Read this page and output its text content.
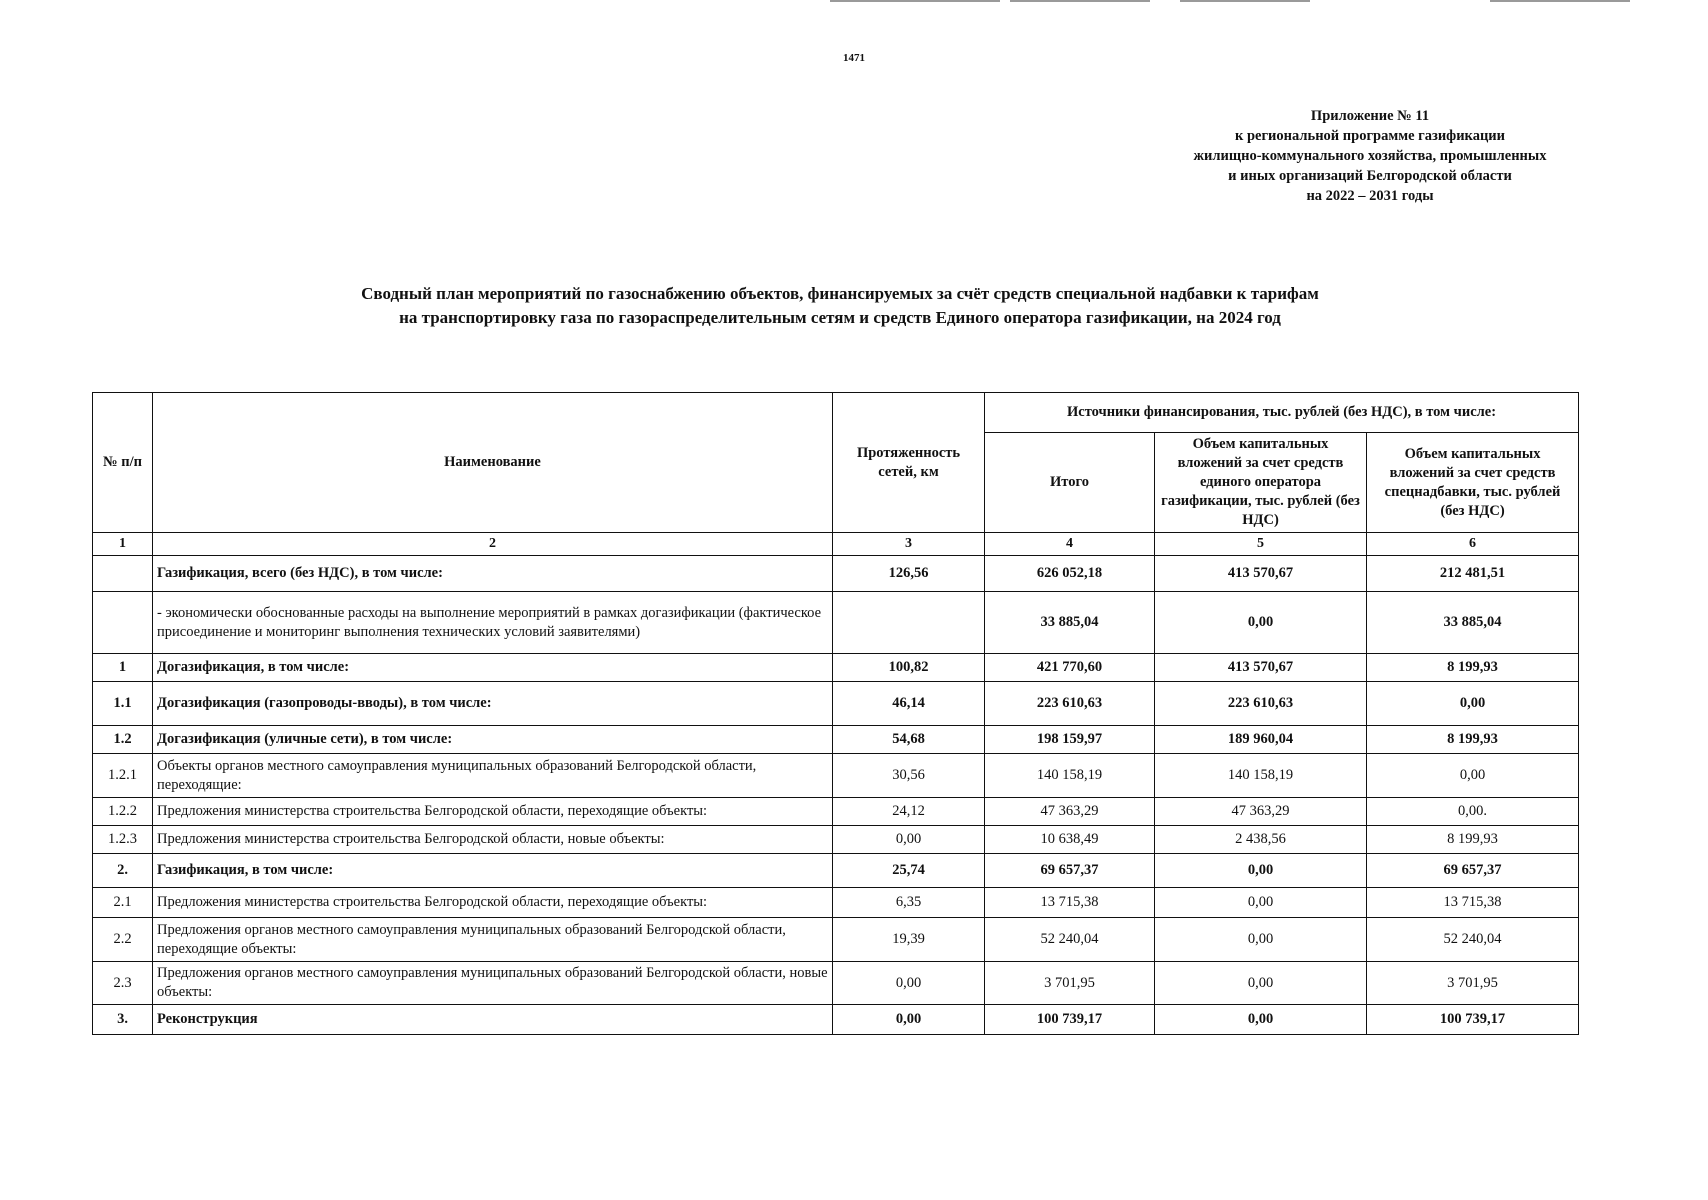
1471
Приложение № 11
к региональной программе газификации
жилищно-коммунального хозяйства, промышленных
и иных организаций Белгородской области
на 2022 – 2031 годы
Сводный план мероприятий по газоснабжению объектов, финансируемых за счёт средств специальной надбавки к тарифам
на транспортировку газа по газораспределительным сетям и средств Единого оператора газификации, на 2024 год
№ п/п	Наименование	Протяженность сетей, км	Источники финансирования, тыс. рублей (без НДС), в том числе:		
			Итого	Объем капитальных вложений за счет средств единого оператора газификации, тыс. рублей (без НДС)	Объем капитальных вложений за счет средств спецнадбавки, тыс. рублей (без НДС)
1	2	3	4	5	6
	Газификация, всего (без НДС), в том числе:	126,56	626 052,18	413 570,67	212 481,51
	- экономически обоснованные расходы на выполнение мероприятий в рамках догазификации (фактическое присоединение и мониторинг выполнения технических условий заявителями)		33 885,04	0,00	33 885,04
1	Догазификация, в том числе:	100,82	421 770,60	413 570,67	8 199,93
1.1	Догазификация (газопроводы-вводы), в том числе:	46,14	223 610,63	223 610,63	0,00
1.2	Догазификация (уличные сети), в том числе:	54,68	198 159,97	189 960,04	8 199,93
1.2.1	Объекты органов местного самоуправления муниципальных образований Белгородской области, переходящие:	30,56	140 158,19	140 158,19	0,00
1.2.2	Предложения министерства строительства Белгородской области, переходящие объекты:	24,12	47 363,29	47 363,29	0,00.
1.2.3	Предложения министерства строительства Белгородской области, новые объекты:	0,00	10 638,49	2 438,56	8 199,93
2.	Газификация, в том числе:	25,74	69 657,37	0,00	69 657,37
2.1	Предложения министерства строительства Белгородской области, переходящие объекты:	6,35	13 715,38	0,00	13 715,38
2.2	Предложения органов местного самоуправления муниципальных образований Белгородской области, переходящие объекты:	19,39	52 240,04	0,00	52 240,04
2.3	Предложения органов местного самоуправления муниципальных образований Белгородской области, новые объекты:	0,00	3 701,95	0,00	3 701,95
3.	Реконструкция	0,00	100 739,17	0,00	100 739,17
